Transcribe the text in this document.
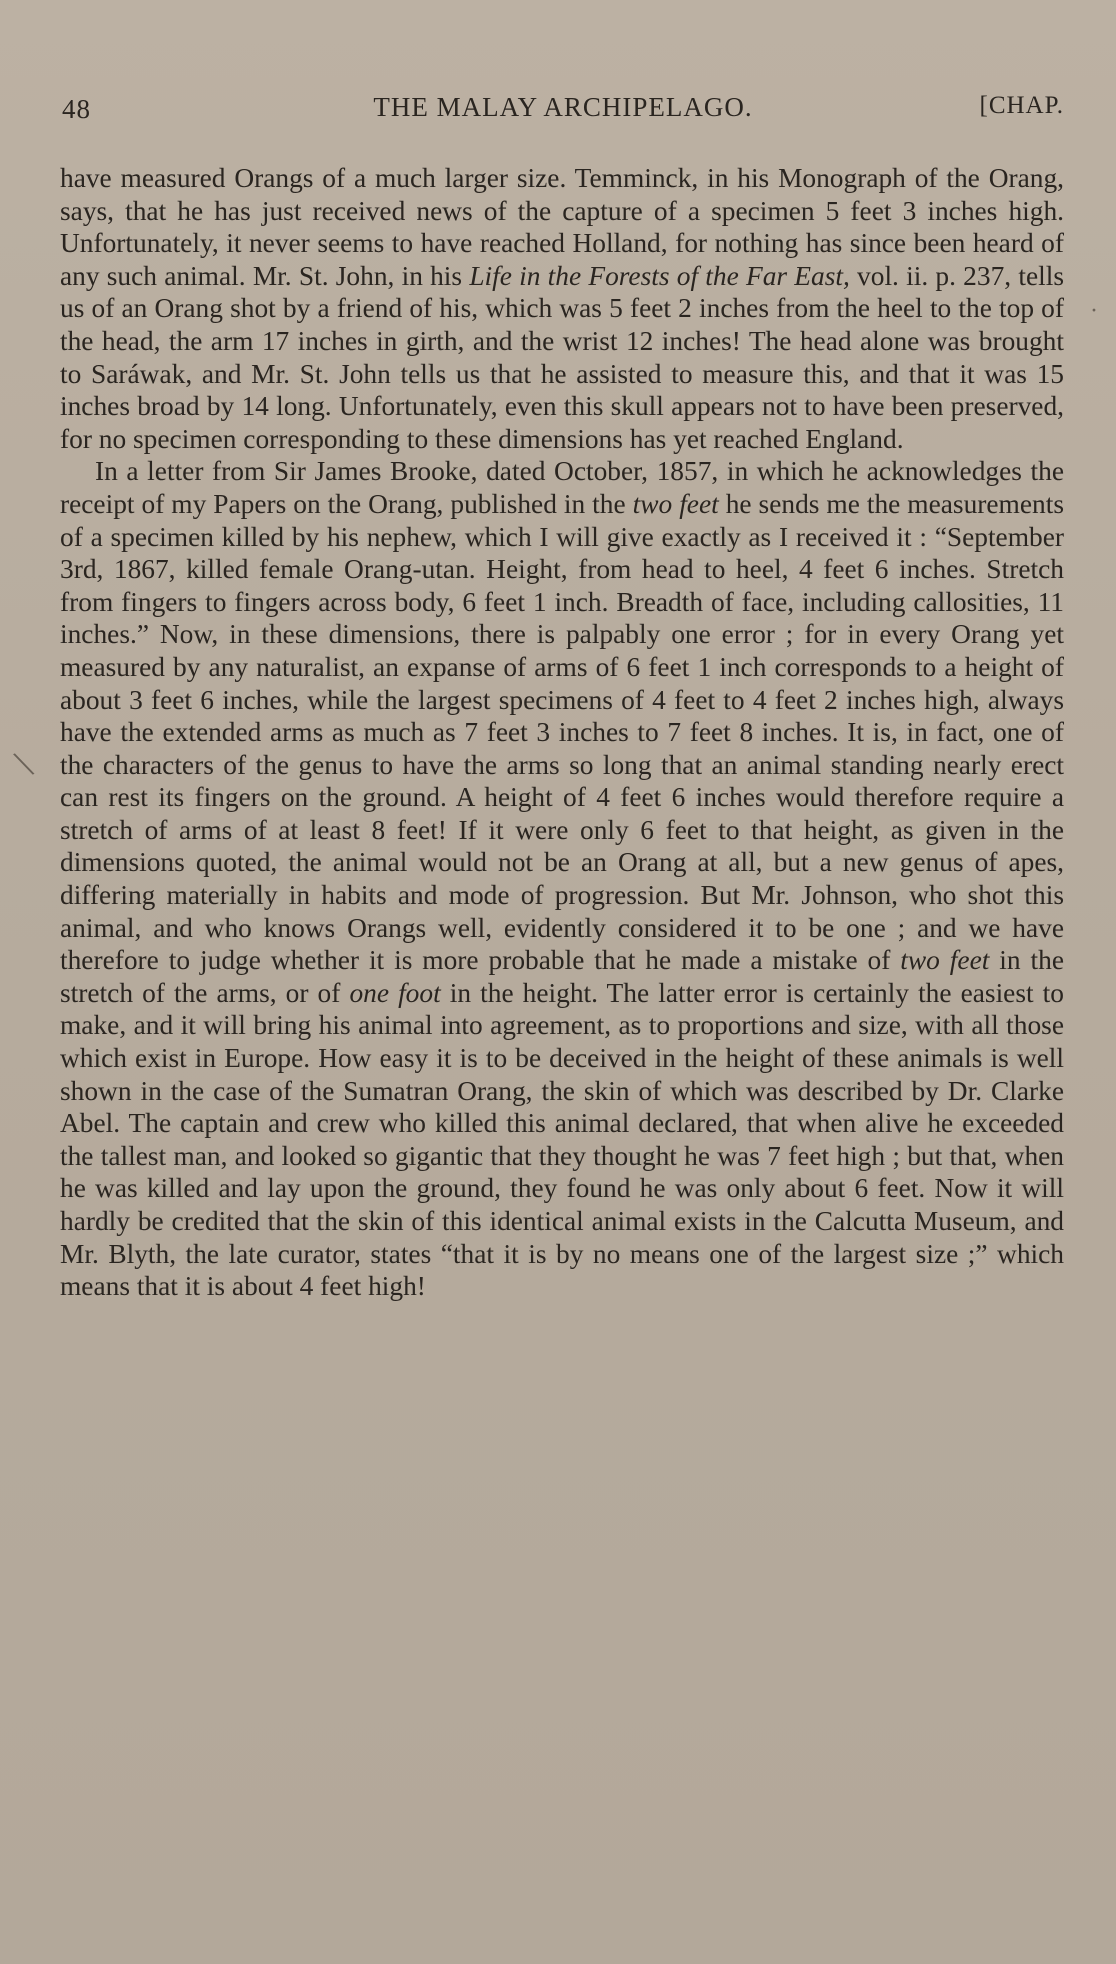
48	THE MALAY ARCHIPELAGO.	[CHAP.

have measured Orangs of a much larger size. Temminck, in his Monograph of the Orang, says, that he has just received news of the capture of a specimen 5 feet 3 inches high. Unfortunately, it never seems to have reached Holland, for nothing has since been heard of any such animal. Mr. St. John, in his Life in the Forests of the Far East, vol. ii. p. 237, tells us of an Orang shot by a friend of his, which was 5 feet 2 inches from the heel to the top of the head, the arm 17 inches in girth, and the wrist 12 inches! The head alone was brought to Saráwak, and Mr. St. John tells us that he assisted to measure this, and that it was 15 inches broad by 14 long. Unfortunately, even this skull appears not to have been preserved, for no specimen corresponding to these dimensions has yet reached England.

In a letter from Sir James Brooke, dated October, 1857, in which he acknowledges the receipt of my Papers on the Orang, published in the two feet he sends me the measurements of a specimen killed by his nephew, which I will give exactly as I received it : “September 3rd, 1867, killed female Orang-utan. Height, from head to heel, 4 feet 6 inches. Stretch from fingers to fingers across body, 6 feet 1 inch. Breadth of face, including callosities, 11 inches.” Now, in these dimensions, there is palpably one error ; for in every Orang yet measured by any naturalist, an expanse of arms of 6 feet 1 inch corresponds to a height of about 3 feet 6 inches, while the largest specimens of 4 feet to 4 feet 2 inches high, always have the extended arms as much as 7 feet 3 inches to 7 feet 8 inches. It is, in fact, one of the characters of the genus to have the arms so long that an animal standing nearly erect can rest its fingers on the ground. A height of 4 feet 6 inches would therefore require a stretch of arms of at least 8 feet! If it were only 6 feet to that height, as given in the dimensions quoted, the animal would not be an Orang at all, but a new genus of apes, differing materially in habits and mode of progression. But Mr. Johnson, who shot this animal, and who knows Orangs well, evidently considered it to be one ; and we have therefore to judge whether it is more probable that he made a mistake of two feet in the stretch of the arms, or of one foot in the height. The latter error is certainly the easiest to make, and it will bring his animal into agreement, as to proportions and size, with all those which exist in Europe. How easy it is to be deceived in the height of these animals is well shown in the case of the Sumatran Orang, the skin of which was described by Dr. Clarke Abel. The captain and crew who killed this animal declared, that when alive he exceeded the tallest man, and looked so gigantic that they thought he was 7 feet high ; but that, when he was killed and lay upon the ground, they found he was only about 6 feet. Now it will hardly be credited that the skin of this identical animal exists in the Calcutta Museum, and Mr. Blyth, the late curator, states “that it is by no means one of the largest size ;” which means that it is about 4 feet high!

\
·
